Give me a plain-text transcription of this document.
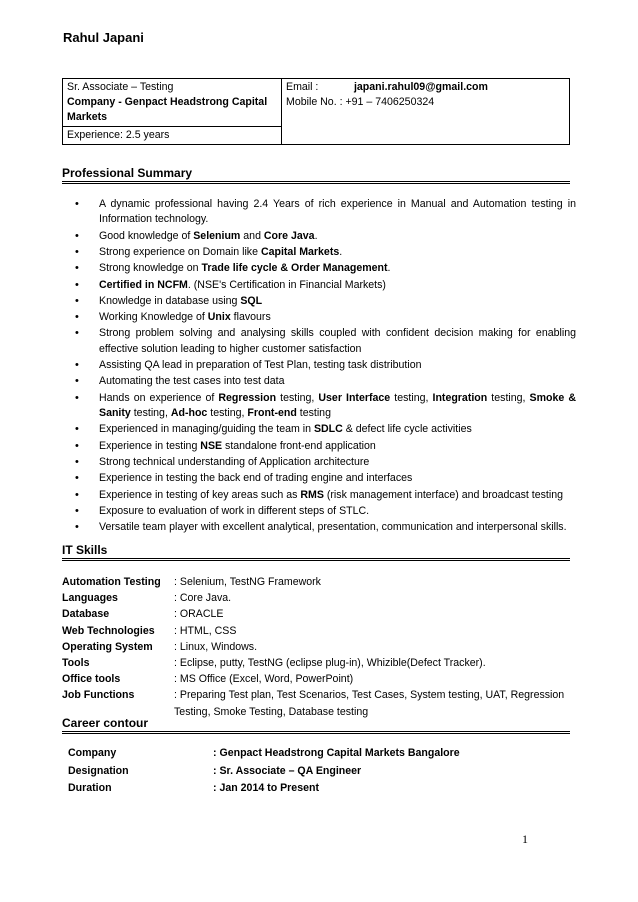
Rahul Japani
Sr. Associate – Testing
Company - Genpact Headstrong Capital Markets

Email :	japani.rahul09@gmail.com
Mobile No. : +91 – 7406250324

Experience: 2.5 years
Professional Summary
• A dynamic professional having 2.4 Years of rich experience in Manual and Automation testing in Information technology.
• Good knowledge of Selenium and Core Java.
• Strong experience on Domain like Capital Markets.
• Strong knowledge on Trade life cycle & Order Management.
• Certified in NCFM. (NSE's Certification in Financial Markets)
• Knowledge in database using SQL
• Working Knowledge of Unix flavours
• Strong problem solving and analysing skills coupled with confident decision making for enabling effective solution leading to higher customer satisfaction
• Assisting QA lead in preparation of Test Plan, testing task distribution
• Automating the test cases into test data
• Hands on experience of Regression testing, User Interface testing, Integration testing, Smoke & Sanity testing, Ad-hoc testing, Front-end testing
• Experienced in managing/guiding the team in SDLC & defect life cycle activities
• Experience in testing NSE standalone front-end application
• Strong technical understanding of Application architecture
• Experience in testing the back end of trading engine and interfaces
• Experience in testing of key areas such as RMS (risk management interface) and broadcast testing
• Exposure to evaluation of work in different steps of STLC.
• Versatile team player with excellent analytical, presentation, communication and interpersonal skills.
IT Skills
Automation Testing	: Selenium, TestNG Framework
Languages	: Core Java.
Database	: ORACLE
Web Technologies	: HTML, CSS
Operating System	: Linux, Windows.
Tools	: Eclipse, putty, TestNG (eclipse plug-in), Whizible(Defect Tracker).
Office tools	: MS Office (Excel, Word, PowerPoint)
Job Functions	: Preparing Test plan, Test Scenarios, Test Cases, System testing, UAT, Regression Testing, Smoke Testing, Database testing
Career contour
Company	: Genpact Headstrong Capital Markets Bangalore
Designation	: Sr. Associate – QA Engineer
Duration	: Jan 2014 to Present
1
